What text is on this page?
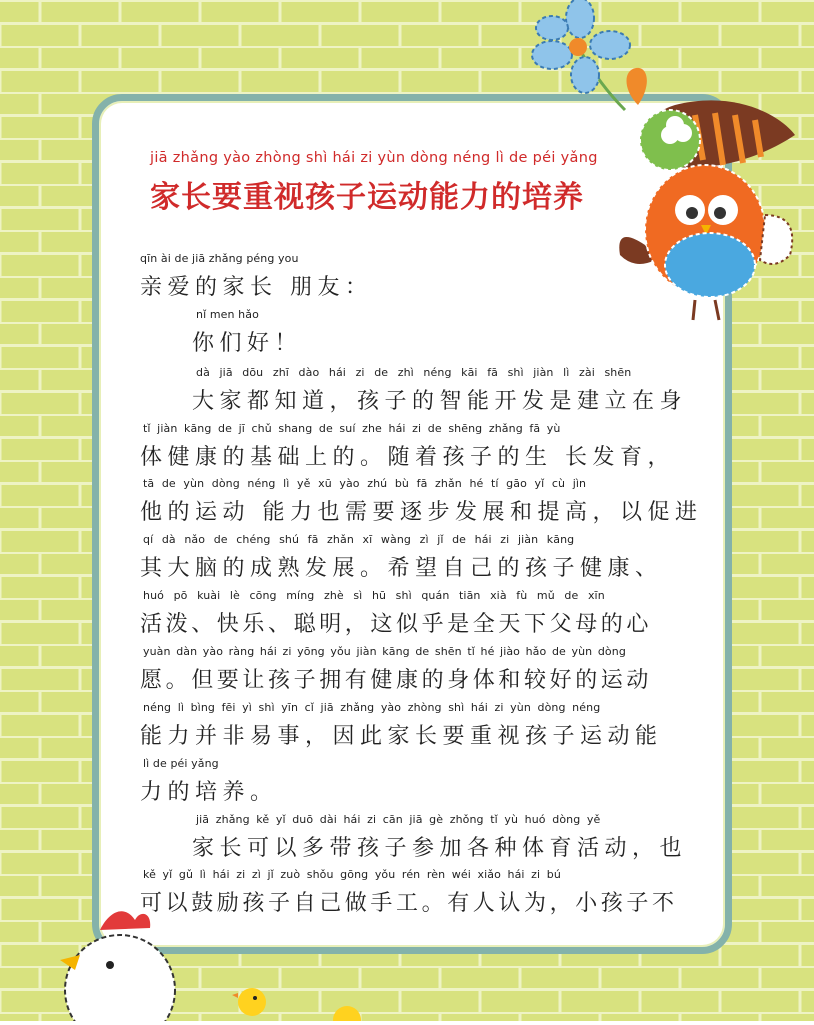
jiā zhǎng yào zhòng shì hái zi yùn dòng néng lì de péi yǎng
家长要重视孩子运动能力的培养
qīn ài de jiā zhǎng péng you
亲爱的家长 朋友：
nǐ men hǎo
你们好！
dà jiā dōu zhī dào hái zi de zhì néng kāi fā shì jiàn lì zài shēn
大家都知道，孩子的智能开发是建立在身
tǐ jiàn kāng de jī chǔ shang de suí zhe hái zi de shēng zhǎng fā yù
体健康的基础上的。随着孩子的生 长发育，
tā de yùn dòng néng lì yě xū yào zhú bù fā zhǎn hé tí gāo yǐ cù jìn
他的运动 能力也需要逐步发展和提高，以促进
qí dà nǎo de chéng shú fā zhǎn xī wàng zì jǐ de hái zi jiàn kāng
其大脑的成熟发展。希望自己的孩子健康、
huó pō kuài lè cōng míng zhè sì hū shì quán tiān xià fù mǔ de xīn
活泼、快乐、聪明，这似乎是全天下父母的心
yuàn dàn yào ràng hái zi yōng yǒu jiàn kāng de shēn tǐ hé jiào hǎo de yùn dòng
愿。但要让孩子拥有健康的身体和较好的运动
néng lì bìng fēi yì shì yīn cǐ jiā zhǎng yào zhòng shì hái zi yùn dòng néng
能力并非易事，因此家长要重视孩子运动能
lì de péi yǎng
力的培养。
jiā zhǎng kě yǐ duō dài hái zi cān jiā gè zhǒng tǐ yù huó dòng yě
家长可以多带孩子参加各种体育活动，也
kě yǐ gǔ lì hái zi zì jǐ zuò shǒu gōng yǒu rén rèn wéi xiǎo hái zi bú
可以鼓励孩子自己做手工。有人认为，小孩子不
